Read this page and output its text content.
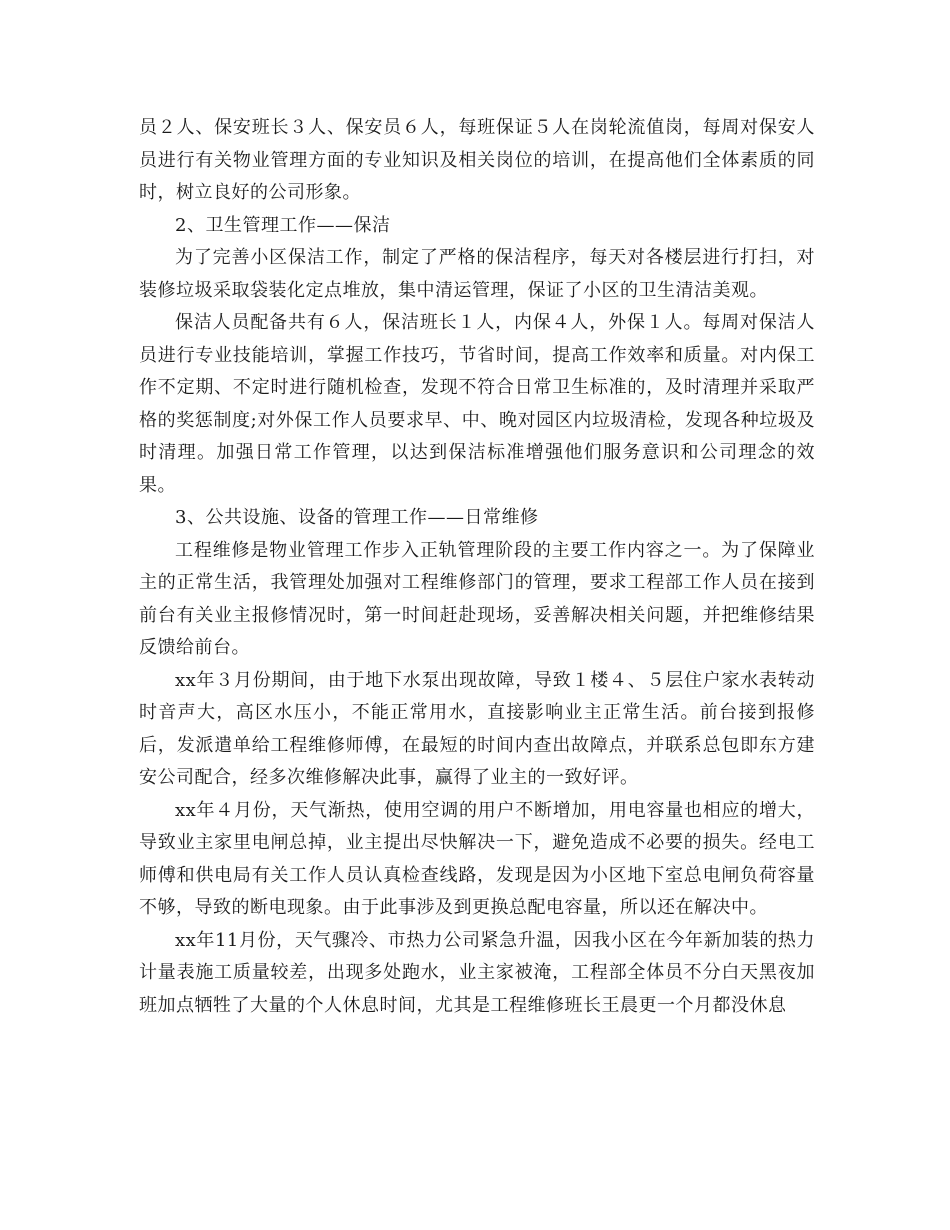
员２人、保安班长３人、保安员６人，每班保证５人在岗轮流值岗，每周对保安人员进行有关物业管理方面的专业知识及相关岗位的培训，在提高他们全体素质的同时，树立良好的公司形象。

2、卫生管理工作——保洁

为了完善小区保洁工作，制定了严格的保洁程序，每天对各楼层进行打扫，对装修垃圾采取袋装化定点堆放，集中清运管理，保证了小区的卫生清洁美观。

保洁人员配备共有６人，保洁班长１人，内保４人，外保１人。每周对保洁人员进行专业技能培训，掌握工作技巧，节省时间，提高工作效率和质量。对内保工作不定期、不定时进行随机检查，发现不符合日常卫生标准的，及时清理并采取严格的奖惩制度;对外保工作人员要求早、中、晚对园区内垃圾清检，发现各种垃圾及时清理。加强日常工作管理，以达到保洁标准增强他们服务意识和公司理念的效果。

3、公共设施、设备的管理工作——日常维修

工程维修是物业管理工作步入正轨管理阶段的主要工作内容之一。为了保障业主的正常生活，我管理处加强对工程维修部门的管理，要求工程部工作人员在接到前台有关业主报修情况时，第一时间赶赴现场，妥善解决相关问题，并把维修结果反馈给前台。

xx年３月份期间，由于地下水泵出现故障，导致１楼４、５层住户家水表转动时音声大，高区水压小，不能正常用水，直接影响业主正常生活。前台接到报修后，发派遣单给工程维修师傅，在最短的时间内查出故障点，并联系总包即东方建安公司配合，经多次维修解决此事，赢得了业主的一致好评。

xx年４月份，天气渐热，使用空调的用户不断增加，用电容量也相应的增大，导致业主家里电闸总掉，业主提出尽快解决一下，避免造成不必要的损失。经电工师傅和供电局有关工作人员认真检查线路，发现是因为小区地下室总电闸负荷容量不够，导致的断电现象。由于此事涉及到更换总配电容量，所以还在解决中。

xx年11月份，天气骤冷、市热力公司紧急升温，因我小区在今年新加装的热力计量表施工质量较差，出现多处跑水，业主家被淹，工程部全体员不分白天黑夜加班加点牺牲了大量的个人休息时间，尤其是工程维修班长王晨更一个月都没休息
